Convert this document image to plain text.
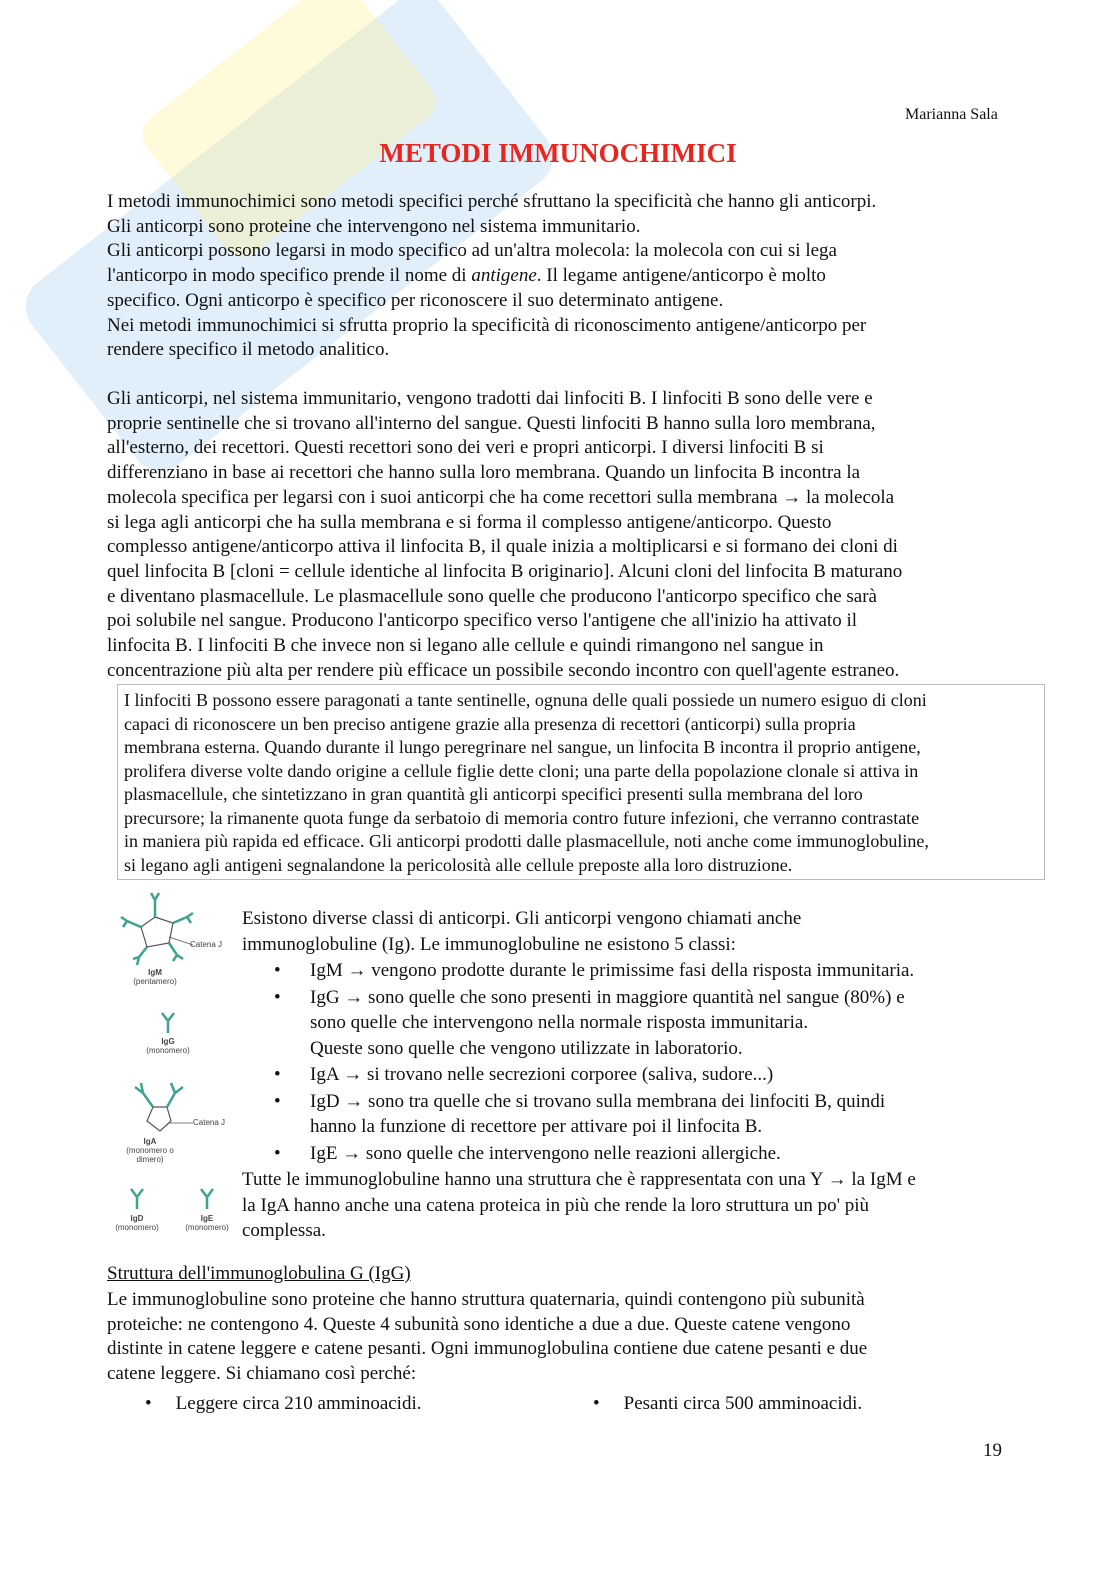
Marianna Sala
METODI IMMUNOCHIMICI
I metodi immunochimici sono metodi specifici perché sfruttano la specificità che hanno gli anticorpi.
Gli anticorpi sono proteine che intervengono nel sistema immunitario.
Gli anticorpi possono legarsi in modo specifico ad un'altra molecola: la molecola con cui si lega
l'anticorpo in modo specifico prende il nome di antigene. Il legame antigene/anticorpo è molto
specifico. Ogni anticorpo è specifico per riconoscere il suo determinato antigene.
Nei metodi immunochimici si sfrutta proprio la specificità di riconoscimento antigene/anticorpo per
rendere specifico il metodo analitico.
Gli anticorpi, nel sistema immunitario, vengono tradotti dai linfociti B. I linfociti B sono delle vere e
proprie sentinelle che si trovano all'interno del sangue. Questi linfociti B hanno sulla loro membrana,
all'esterno, dei recettori. Questi recettori sono dei veri e propri anticorpi. I diversi linfociti B si
differenziano in base ai recettori che hanno sulla loro membrana. Quando un linfocita B incontra la
molecola specifica per legarsi con i suoi anticorpi che ha come recettori sulla membrana → la molecola
si lega agli anticorpi che ha sulla membrana e si forma il complesso antigene/anticorpo. Questo
complesso antigene/anticorpo attiva il linfocita B, il quale inizia a moltiplicarsi e si formano dei cloni di
quel linfocita B [cloni = cellule identiche al linfocita B originario]. Alcuni cloni del linfocita B maturano
e diventano plasmacellule. Le plasmacellule sono quelle che producono l'anticorpo specifico che sarà
poi solubile nel sangue. Producono l'anticorpo specifico verso l'antigene che all'inizio ha attivato il
linfocita B. I linfociti B che invece non si legano alle cellule e quindi rimangono nel sangue in
concentrazione più alta per rendere più efficace un possibile secondo incontro con quell'agente estraneo.
I linfociti B possono essere paragonati a tante sentinelle, ognuna delle quali possiede un numero esiguo di cloni
capaci di riconoscere un ben preciso antigene grazie alla presenza di recettori (anticorpi) sulla propria
membrana esterna. Quando durante il lungo peregrinare nel sangue, un linfocita B incontra il proprio antigene,
prolifera diverse volte dando origine a cellule figlie dette cloni; una parte della popolazione clonale si attiva in
plasmacellule, che sintetizzano in gran quantità gli anticorpi specifici presenti sulla membrana del loro
precursore; la rimanente quota funge da serbatoio di memoria contro future infezioni, che verranno contrastate
in maniera più rapida ed efficace. Gli anticorpi prodotti dalle plasmacellule, noti anche come immunoglobuline,
si legano agli antigeni segnalandone la pericolosità alle cellule preposte alla loro distruzione.
Catena J
IgM
(pentamero)
IgG
(monomero)
Catena J
IgA
(monomero o dimero)
IgD
(monomero)
IgE
(monomero)
Esistono diverse classi di anticorpi. Gli anticorpi vengono chiamati anche
immunoglobuline (Ig). Le immunoglobuline ne esistono 5 classi:
• IgM → vengono prodotte durante le primissime fasi della risposta immunitaria.
• IgG → sono quelle che sono presenti in maggiore quantità nel sangue (80%) e
sono quelle che intervengono nella normale risposta immunitaria.
Queste sono quelle che vengono utilizzate in laboratorio.
• IgA → si trovano nelle secrezioni corporee (saliva, sudore...)
• IgD → sono tra quelle che si trovano sulla membrana dei linfociti B, quindi
hanno la funzione di recettore per attivare poi il linfocita B.
• IgE → sono quelle che intervengono nelle reazioni allergiche.
Tutte le immunoglobuline hanno una struttura che è rappresentata con una Y → la IgM e
la IgA hanno anche una catena proteica in più che rende la loro struttura un po' più
complessa.
Struttura dell'immunoglobulina G (IgG)
Le immunoglobuline sono proteine che hanno struttura quaternaria, quindi contengono più subunità
proteiche: ne contengono 4. Queste 4 subunità sono identiche a due a due. Queste catene vengono
distinte in catene leggere e catene pesanti. Ogni immunoglobulina contiene due catene pesanti e due
catene leggere. Si chiamano così perché:
• Leggere circa 210 amminoacidi.	• Pesanti circa 500 amminoacidi.
19
